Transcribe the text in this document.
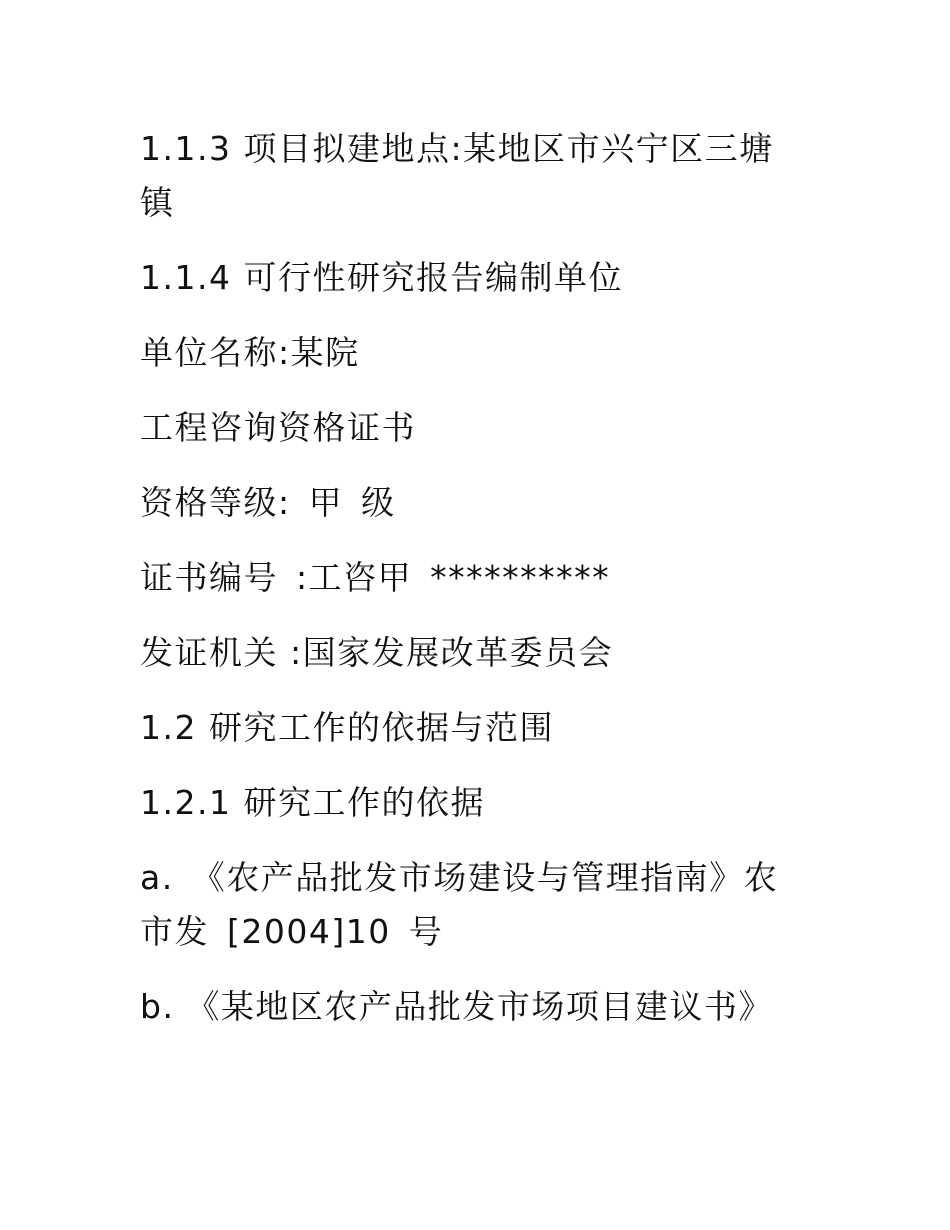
1.1.3 项目拟建地点:某地区市兴宁区三塘镇

1.1.4 可行性研究报告编制单位

单位名称:某院

工程咨询资格证书

资格等级: 甲 级

证书编号 :工咨甲 **********

发证机关 :国家发展改革委员会

1.2 研究工作的依据与范围

1.2.1 研究工作的依据

a. 《农产品批发市场建设与管理指南》农市发 [2004]10 号

b. 《某地区农产品批发市场项目建议书》
